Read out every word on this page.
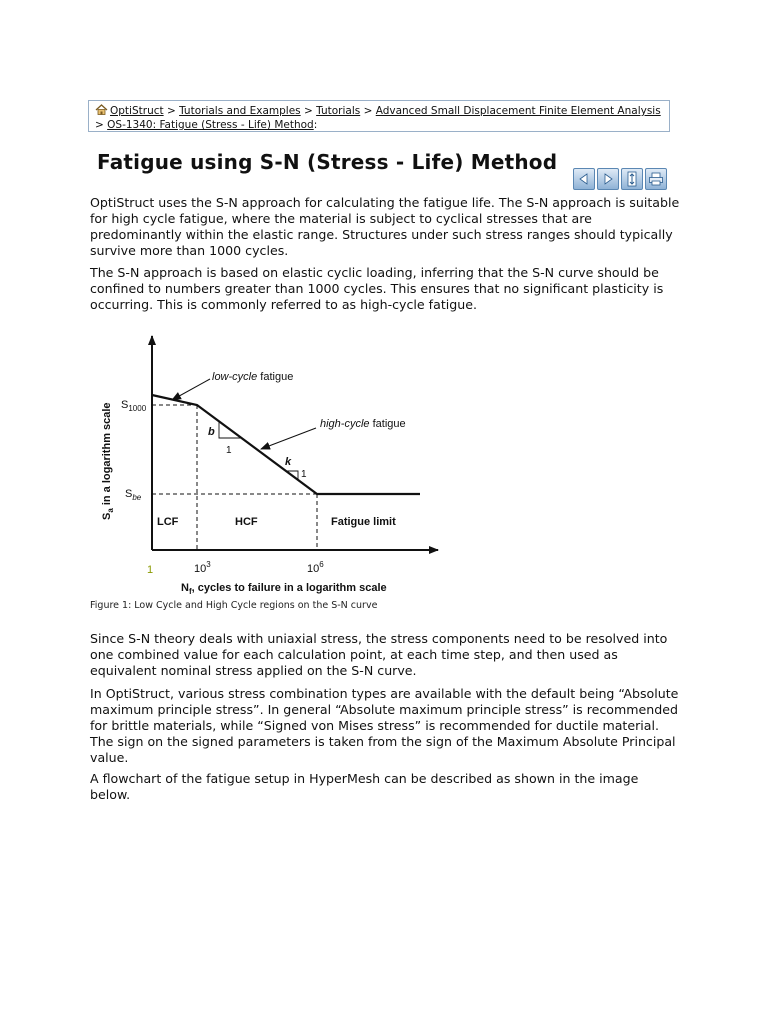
OptiStruct > Tutorials and Examples > Tutorials > Advanced Small Displacement Finite Element Analysis > OS-1340: Fatigue (Stress - Life) Method:
Fatigue using S-N (Stress - Life) Method

OptiStruct uses the S-N approach for calculating the fatigue life. The S-N approach is suitable for high cycle fatigue, where the material is subject to cyclical stresses that are predominantly within the elastic range. Structures under such stress ranges should typically survive more than 1000 cycles.

The S-N approach is based on elastic cyclic loading, inferring that the S-N curve should be confined to numbers greater than 1000 cycles. This ensures that no significant plasticity is occurring. This is commonly referred to as high-cycle fatigue.

$S_a$ in a logarithm scale $S_{1000}$
$S_{be}$
1	$10^3$	$10^6$
$N_f$, cycles to failure in a logarithm scale
LCF	HCF	Fatigue limit
low-cycle fatigue
high-cycle fatigue
b
1
k
1

Figure 1: Low Cycle and High Cycle regions on the S-N curve

Since S-N theory deals with uniaxial stress, the stress components need to be resolved into one combined value for each calculation point, at each time step, and then used as equivalent nominal stress applied on the S-N curve.

In OptiStruct, various stress combination types are available with the default being “Absolute maximum principle stress”. In general “Absolute maximum principle stress” is recommended for brittle materials, while “Signed von Mises stress” is recommended for ductile material. The sign on the signed parameters is taken from the sign of the Maximum Absolute Principal value.

A flowchart of the fatigue setup in HyperMesh can be described as shown in the image below.
